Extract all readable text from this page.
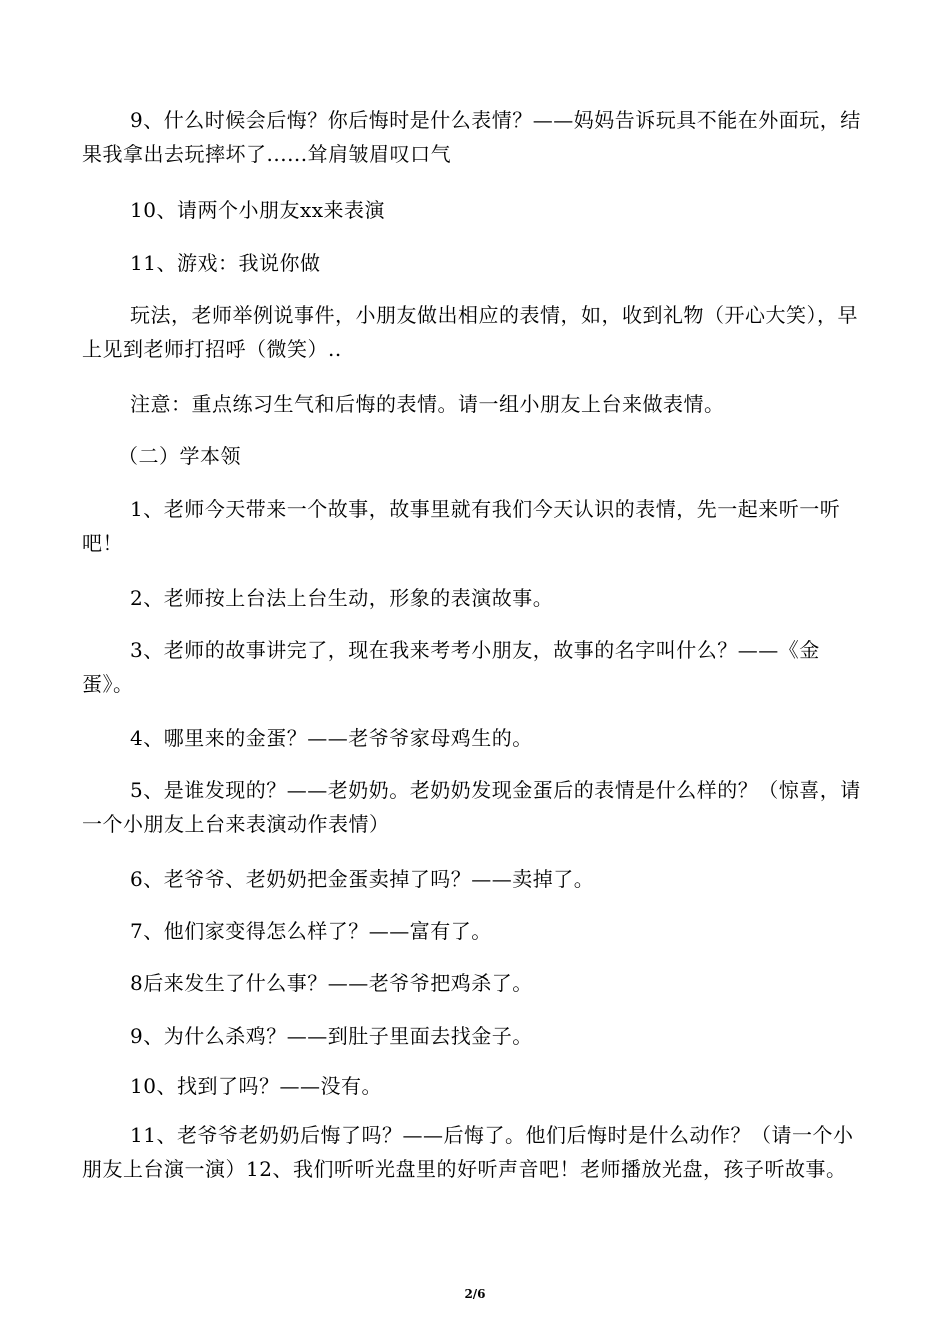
9、什么时候会后悔？你后悔时是什么表情？——妈妈告诉玩具不能在外面玩，结果我拿出去玩摔坏了......耸肩皱眉叹口气

10、请两个小朋友xx来表演

11、游戏：我说你做

玩法，老师举例说事件，小朋友做出相应的表情，如，收到礼物（开心大笑），早上见到老师打招呼（微笑）..

注意：重点练习生气和后悔的表情。请一组小朋友上台来做表情。

（二）学本领

1、老师今天带来一个故事，故事里就有我们今天认识的表情，先一起来听一听吧！

2、老师按上台法上台生动，形象的表演故事。

3、老师的故事讲完了，现在我来考考小朋友，故事的名字叫什么？——《金蛋》。

4、哪里来的金蛋？——老爷爷家母鸡生的。

5、是谁发现的？——老奶奶。老奶奶发现金蛋后的表情是什么样的？（惊喜，请一个小朋友上台来表演动作表情）

6、老爷爷、老奶奶把金蛋卖掉了吗？——卖掉了。

7、他们家变得怎么样了？——富有了。

8后来发生了什么事？——老爷爷把鸡杀了。

9、为什么杀鸡？——到肚子里面去找金子。

10、找到了吗？——没有。

11、老爷爷老奶奶后悔了吗？——后悔了。他们后悔时是什么动作？（请一个小朋友上台演一演）12、我们听听光盘里的好听声音吧！老师播放光盘，孩子听故事。

2/6
